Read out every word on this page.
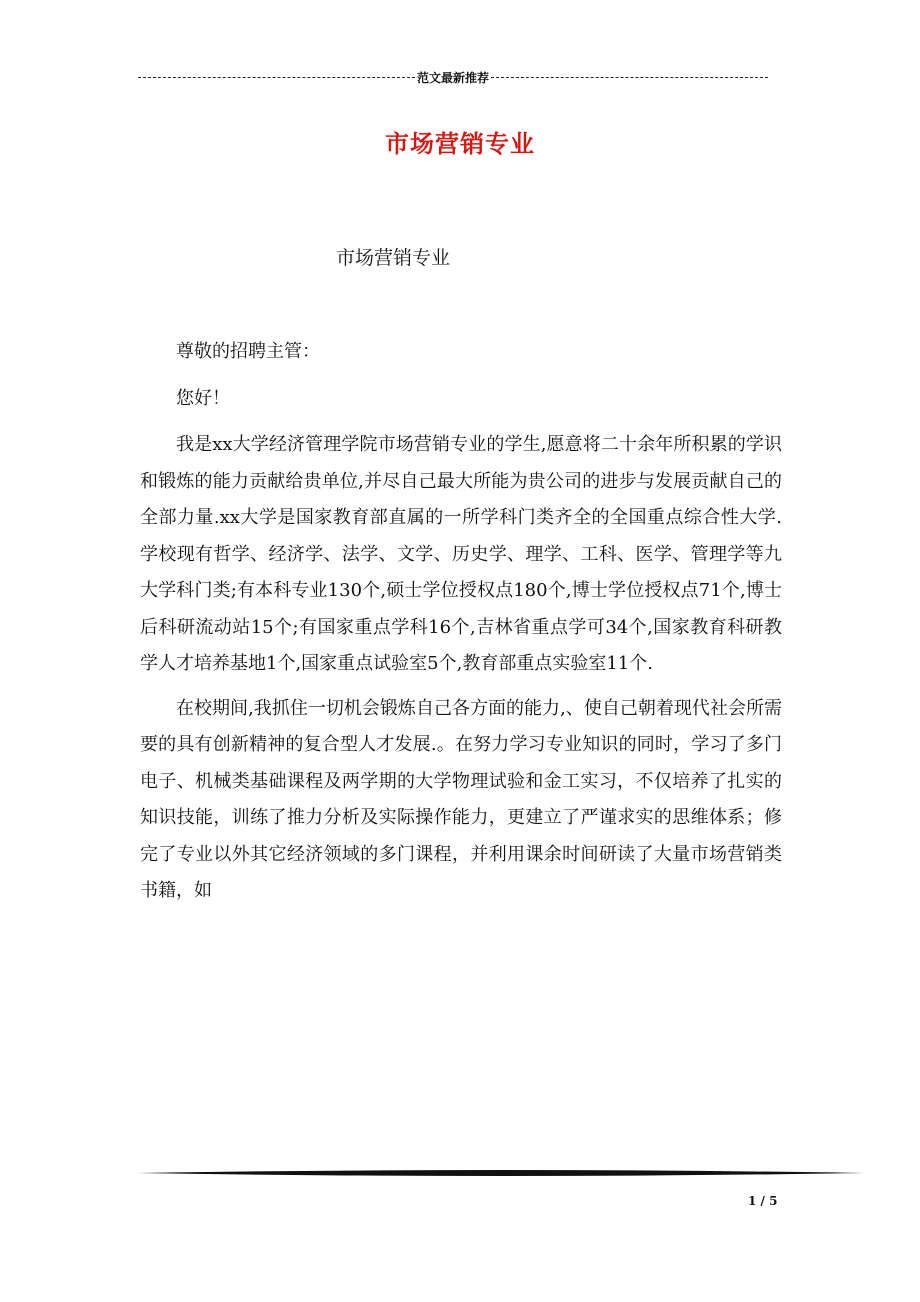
范文最新推荐
市场营销专业
市场营销专业

尊敬的招聘主管：

您好！

我是xx大学经济管理学院市场营销专业的学生,愿意将二十余年所积累的学识和锻炼的能力贡献给贵单位,并尽自己最大所能为贵公司的进步与发展贡献自己的全部力量.xx大学是国家教育部直属的一所学科门类齐全的全国重点综合性大学.学校现有哲学、经济学、法学、文学、历史学、理学、工科、医学、管理学等九大学科门类;有本科专业130个,硕士学位授权点180个,博士学位授权点71个,博士后科研流动站15个;有国家重点学科16个,吉林省重点学可34个,国家教育科研教学人才培养基地1个,国家重点试验室5个,教育部重点实验室11个.

在校期间,我抓住一切机会锻炼自己各方面的能力,、使自己朝着现代社会所需要的具有创新精神的复合型人才发展.。在努力学习专业知识的同时，学习了多门电子、机械类基础课程及两学期的大学物理试验和金工实习，不仅培养了扎实的知识技能，训练了推力分析及实际操作能力，更建立了严谨求实的思维体系；修完了专业以外其它经济领域的多门课程，并利用课余时间研读了大量市场营销类书籍，如

1 / 5
